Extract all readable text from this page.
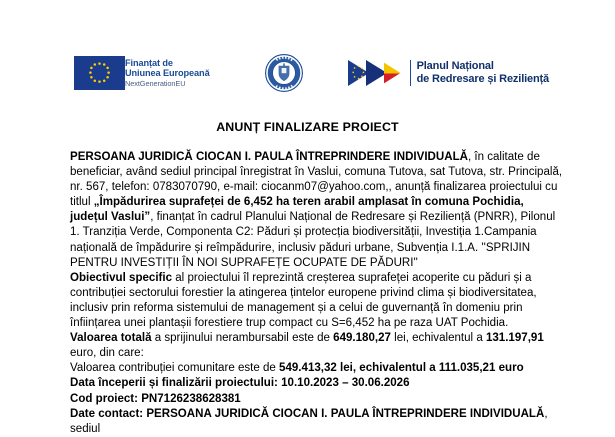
Finanțat de
Uniunea Europeană
NextGenerationEU
Planul Național
de Redresare și Reziliență
ANUNȚ FINALIZARE PROIECT

PERSOANA JURIDICĂ CIOCAN I. PAULA ÎNTREPRINDERE INDIVIDUALĂ, în calitate de beneficiar, având sediul principal înregistrat în Vaslui, comuna Tutova, sat Tutova, str. Principală, nr. 567, telefon: 0783070790, e-mail: ciocanm07@yahoo.com,, anunță finalizarea proiectului cu titlul „Împădurirea suprafeței de 6,452 ha teren arabil amplasat în comuna Pochidia, județul Vaslui”, finanțat în cadrul Planului Național de Redresare și Reziliență (PNRR), Pilonul 1. Tranziția Verde, Componenta C2: Păduri și protecția biodiversității, Investiția 1.Campania națională de împădurire și reîmpădurire, inclusiv păduri urbane, Subvenția I.1.A. ''SPRIJIN PENTRU INVESTIȚII ÎN NOI SUPRAFEȚE OCUPATE DE PĂDURI''

Obiectivul specific al proiectului îl reprezintă creșterea suprafeței acoperite cu păduri și a contribuției sectorului forestier la atingerea țintelor europene privind clima și biodiversitatea, inclusiv prin reforma sistemului de management și a celui de guvernanță în domeniu prin înființarea unei plantașii forestiere trup compact cu S=6,452 ha pe raza UAT Pochidia.

Valoarea totală a sprijinului nerambursabil este de 649.180,27 lei, echivalentul a 131.197,91 euro, din care:

Valoarea contribuției comunitare este de 549.413,32 lei, echivalentul a 111.035,21 euro

Data începerii și finalizării proiectului: 10.10.2023 – 30.06.2026

Cod proiect: PN7126238628381

Date contact: PERSOANA JURIDICĂ CIOCAN I. PAULA ÎNTREPRINDERE INDIVIDUALĂ, sediul
